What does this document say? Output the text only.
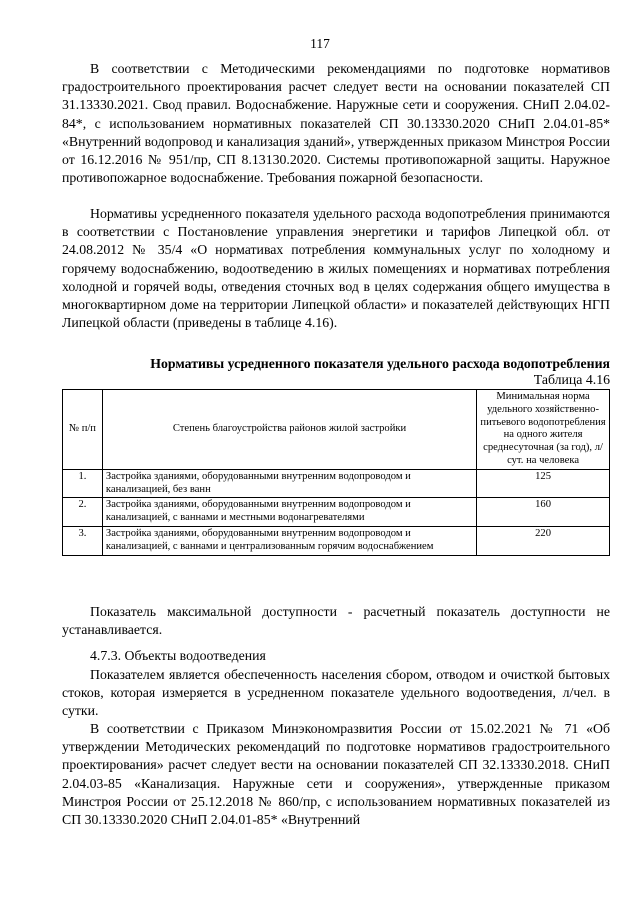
117

В соответствии с Методическими рекомендациями по подготовке нормативов градостроительного проектирования расчет следует вести на основании показателей СП 31.13330.2021. Свод правил. Водоснабжение. Наружные сети и сооружения. СНиП 2.04.02-84*, с использованием нормативных показателей СП 30.13330.2020 СНиП 2.04.01-85* «Внутренний водопровод и канализация зданий», утвержденных приказом Минстроя России от 16.12.2016 № 951/пр, СП 8.13130.2020. Системы противопожарной защиты. Наружное противопожарное водоснабжение. Требования пожарной безопасности.

Нормативы усредненного показателя удельного расхода водопотребления принимаются в соответствии с Постановление управления энергетики и тарифов Липецкой обл. от 24.08.2012 № 35/4 «О нормативах потребления коммунальных услуг по холодному и горячему водоснабжению, водоотведению в жилых помещениях и нормативах потребления холодной и горячей воды, отведения сточных вод в целях содержания общего имущества в многоквартирном доме на территории Липецкой области» и показателей действующих НГП Липецкой области (приведены в таблице 4.16).

Нормативы усредненного показателя удельного расхода водопотребления

Таблица 4.16

№ п/п	Степень благоустройства районов жилой застройки	Минимальная норма удельного хозяйственно-питьевого водопотребления на одного жителя среднесуточная (за год), л/сут. на человека
1.	Застройка зданиями, оборудованными внутренним водопроводом и канализацией, без ванн	125
2.	Застройка зданиями, оборудованными внутренним водопроводом и канализацией, с ваннами и местными водонагревателями	160
3.	Застройка зданиями, оборудованными внутренним водопроводом и канализацией, с ваннами и централизованным горячим водоснабжением	220

Показатель максимальной доступности - расчетный показатель доступности не устанавливается.

4.7.3. Объекты водоотведения

Показателем является обеспеченность населения сбором, отводом и очисткой бытовых стоков, которая измеряется в усредненном показателе удельного водоотведения, л/чел. в сутки.

В соответствии с Приказом Минэкономразвития России от 15.02.2021 № 71 «Об утверждении Методических рекомендаций по подготовке нормативов градостроительного проектирования» расчет следует вести на основании показателей СП 32.13330.2018. СНиП 2.04.03-85 «Канализация. Наружные сети и сооружения», утвержденные приказом Минстроя России от 25.12.2018 № 860/пр, с использованием нормативных показателей из СП 30.13330.2020 СНиП 2.04.01-85* «Внутренний
